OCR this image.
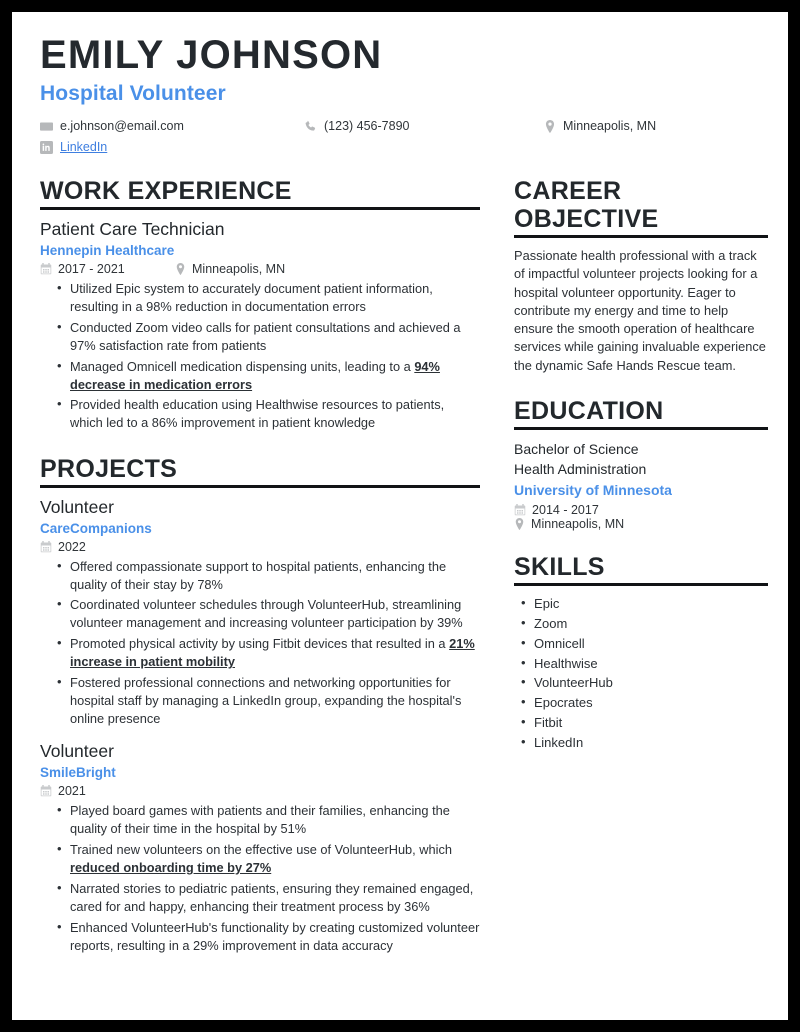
EMILY JOHNSON
Hospital Volunteer
e.johnson@email.com	(123) 456-7890	Minneapolis, MN
LinkedIn
WORK EXPERIENCE
Patient Care Technician
Hennepin Healthcare
2017 - 2021	Minneapolis, MN
• Utilized Epic system to accurately document patient information, resulting in a 98% reduction in documentation errors
• Conducted Zoom video calls for patient consultations and achieved a 97% satisfaction rate from patients
• Managed Omnicell medication dispensing units, leading to a 94% decrease in medication errors
• Provided health education using Healthwise resources to patients, which led to a 86% improvement in patient knowledge
PROJECTS
Volunteer
CareCompanions
2022
• Offered compassionate support to hospital patients, enhancing the quality of their stay by 78%
• Coordinated volunteer schedules through VolunteerHub, streamlining volunteer management and increasing volunteer participation by 39%
• Promoted physical activity by using Fitbit devices that resulted in a 21% increase in patient mobility
• Fostered professional connections and networking opportunities for hospital staff by managing a LinkedIn group, expanding the hospital's online presence
Volunteer
SmileBright
2021
• Played board games with patients and their families, enhancing the quality of their time in the hospital by 51%
• Trained new volunteers on the effective use of VolunteerHub, which reduced onboarding time by 27%
• Narrated stories to pediatric patients, ensuring they remained engaged, cared for and happy, enhancing their treatment process by 36%
• Enhanced VolunteerHub's functionality by creating customized volunteer reports, resulting in a 29% improvement in data accuracy
CAREER OBJECTIVE
Passionate health professional with a track of impactful volunteer projects looking for a hospital volunteer opportunity. Eager to contribute my energy and time to help ensure the smooth operation of healthcare services while gaining invaluable experience the dynamic Safe Hands Rescue team.
EDUCATION
Bachelor of Science
Health Administration
University of Minnesota
2014 - 2017
Minneapolis, MN
SKILLS
• Epic
• Zoom
• Omnicell
• Healthwise
• VolunteerHub
• Epocrates
• Fitbit
• LinkedIn
